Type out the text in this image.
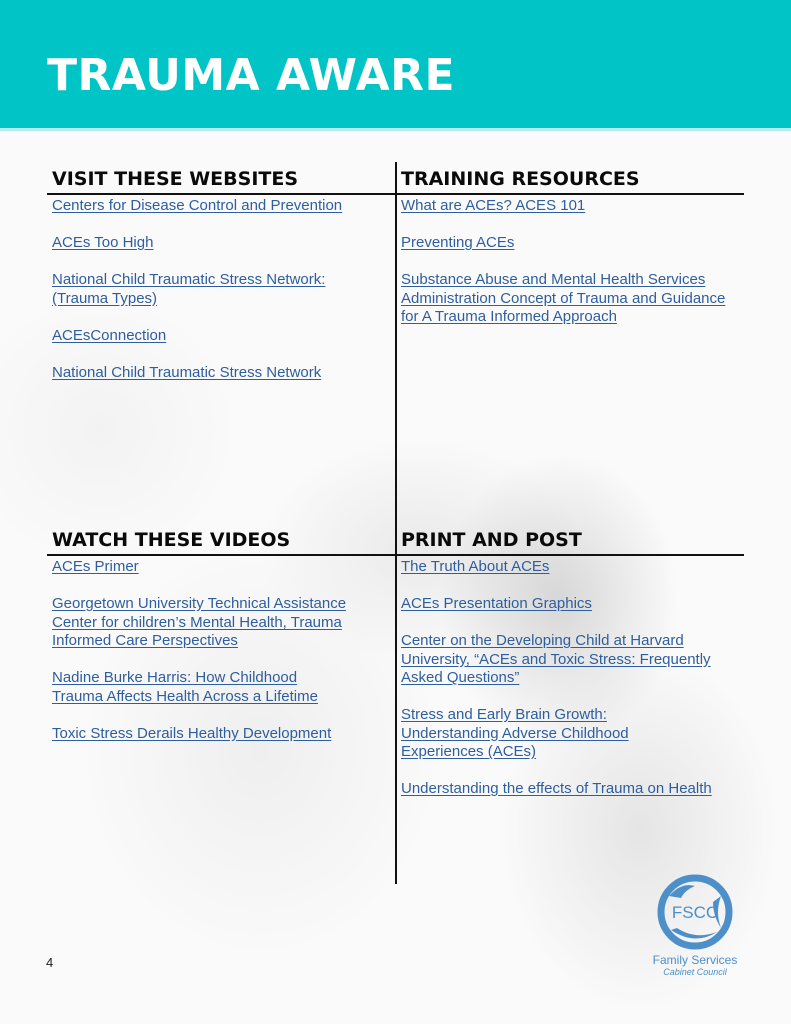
TRAUMA AWARE
VISIT THESE WEBSITES
Centers for Disease Control and Prevention
ACEs Too High
National Child Traumatic Stress Network: (Trauma Types)
ACEsConnection
National Child Traumatic Stress Network
TRAINING RESOURCES
What are ACEs? ACES 101
Preventing ACEs
Substance Abuse and Mental Health Services Administration Concept of Trauma and Guidance for A Trauma Informed Approach
WATCH THESE VIDEOS
ACEs Primer
Georgetown University Technical Assistance Center for children’s Mental Health, Trauma Informed Care Perspectives
Nadine Burke Harris: How Childhood Trauma Affects Health Across a Lifetime
Toxic Stress Derails Healthy Development
PRINT AND POST
The Truth About ACEs
ACEs Presentation Graphics
Center on the Developing Child at Harvard University, “ACEs and Toxic Stress: Frequently Asked Questions”
Stress and Early Brain Growth: Understanding Adverse Childhood Experiences (ACEs)
Understanding the effects of Trauma on Health
4
FSCC
Family Services
Cabinet Council
